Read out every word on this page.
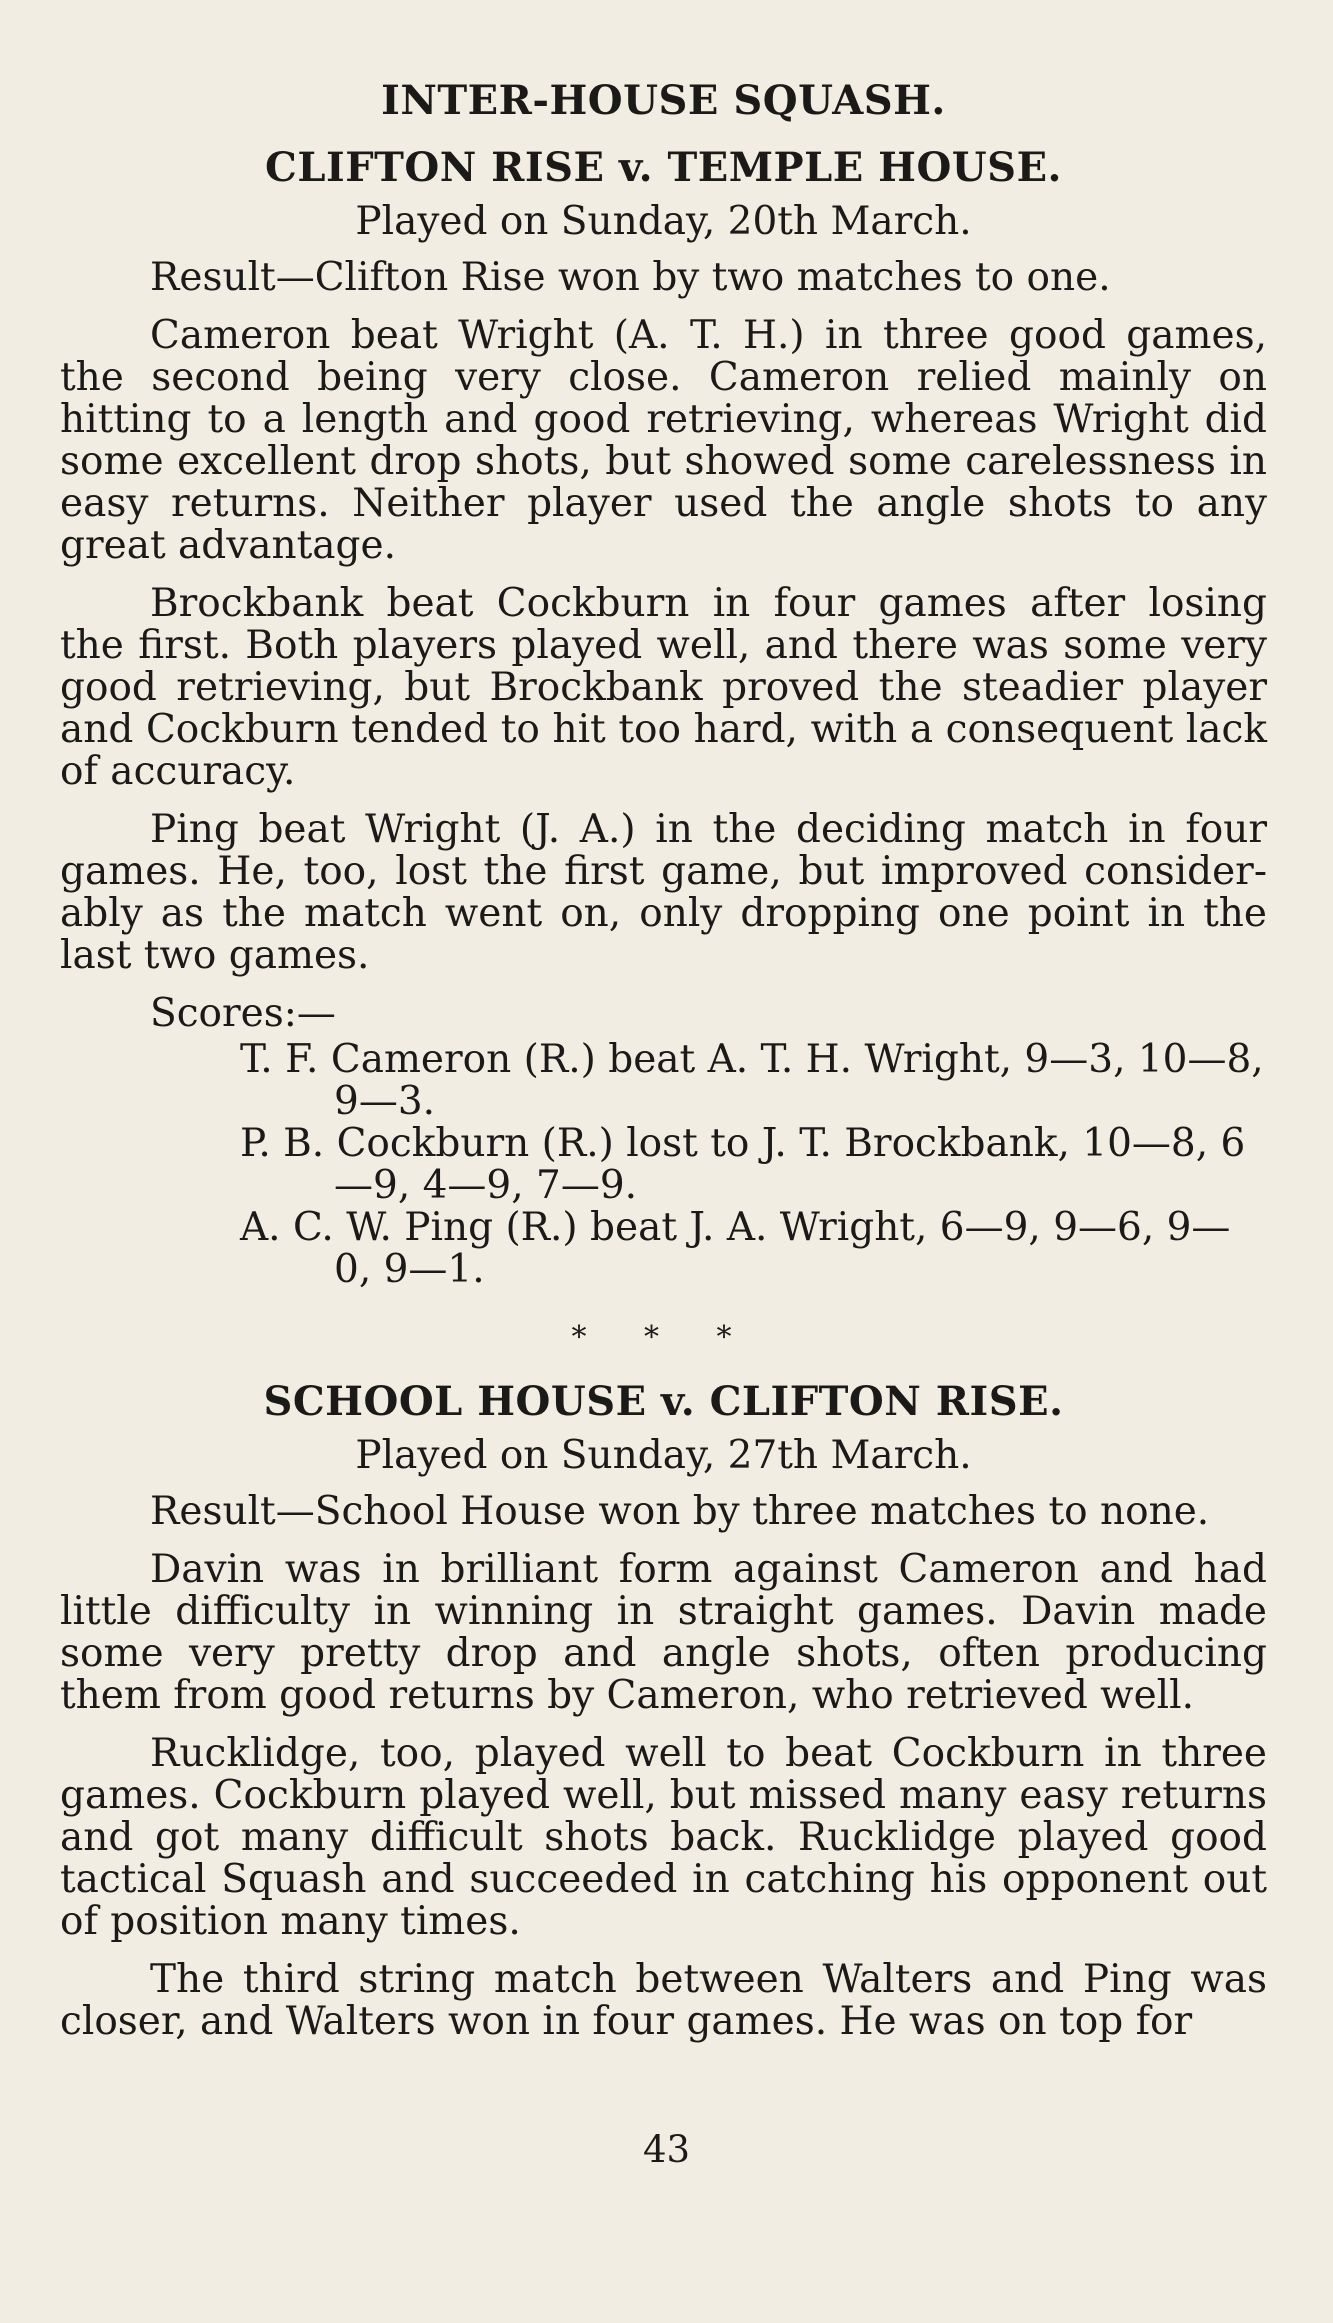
INTER-HOUSE SQUASH.
CLIFTON RISE v. TEMPLE HOUSE.
Played on Sunday, 20th March.
Result—Clifton Rise won by two matches to one.

Cameron beat Wright (A. T. H.) in three good games, the second being very close. Cameron relied mainly on hitting to a length and good retrieving, whereas Wright did some excellent drop shots, but showed some carelessness in easy returns. Neither player used the angle shots to any great advantage.

Brockbank beat Cockburn in four games after losing the first. Both players played well, and there was some very good retrieving, but Brockbank proved the steadier player and Cockburn tended to hit too hard, with a consequent lack of accuracy.

Ping beat Wright (J. A.) in the deciding match in four games. He, too, lost the first game, but improved considerably as the match went on, only dropping one point in the last two games.

Scores:—
T. F. Cameron (R.) beat A. T. H. Wright, 9—3, 10—8, 9—3.
P. B. Cockburn (R.) lost to J. T. Brockbank, 10—8, 6—9, 4—9, 7—9.
A. C. W. Ping (R.) beat J. A. Wright, 6—9, 9—6, 9—0, 9—1.
* * *
SCHOOL HOUSE v. CLIFTON RISE.
Played on Sunday, 27th March.
Result—School House won by three matches to none.

Davin was in brilliant form against Cameron and had little difficulty in winning in straight games. Davin made some very pretty drop and angle shots, often producing them from good returns by Cameron, who retrieved well.

Rucklidge, too, played well to beat Cockburn in three games. Cockburn played well, but missed many easy returns and got many difficult shots back. Rucklidge played good tactical Squash and succeeded in catching his opponent out of position many times.

The third string match between Walters and Ping was closer, and Walters won in four games. He was on top for

43
